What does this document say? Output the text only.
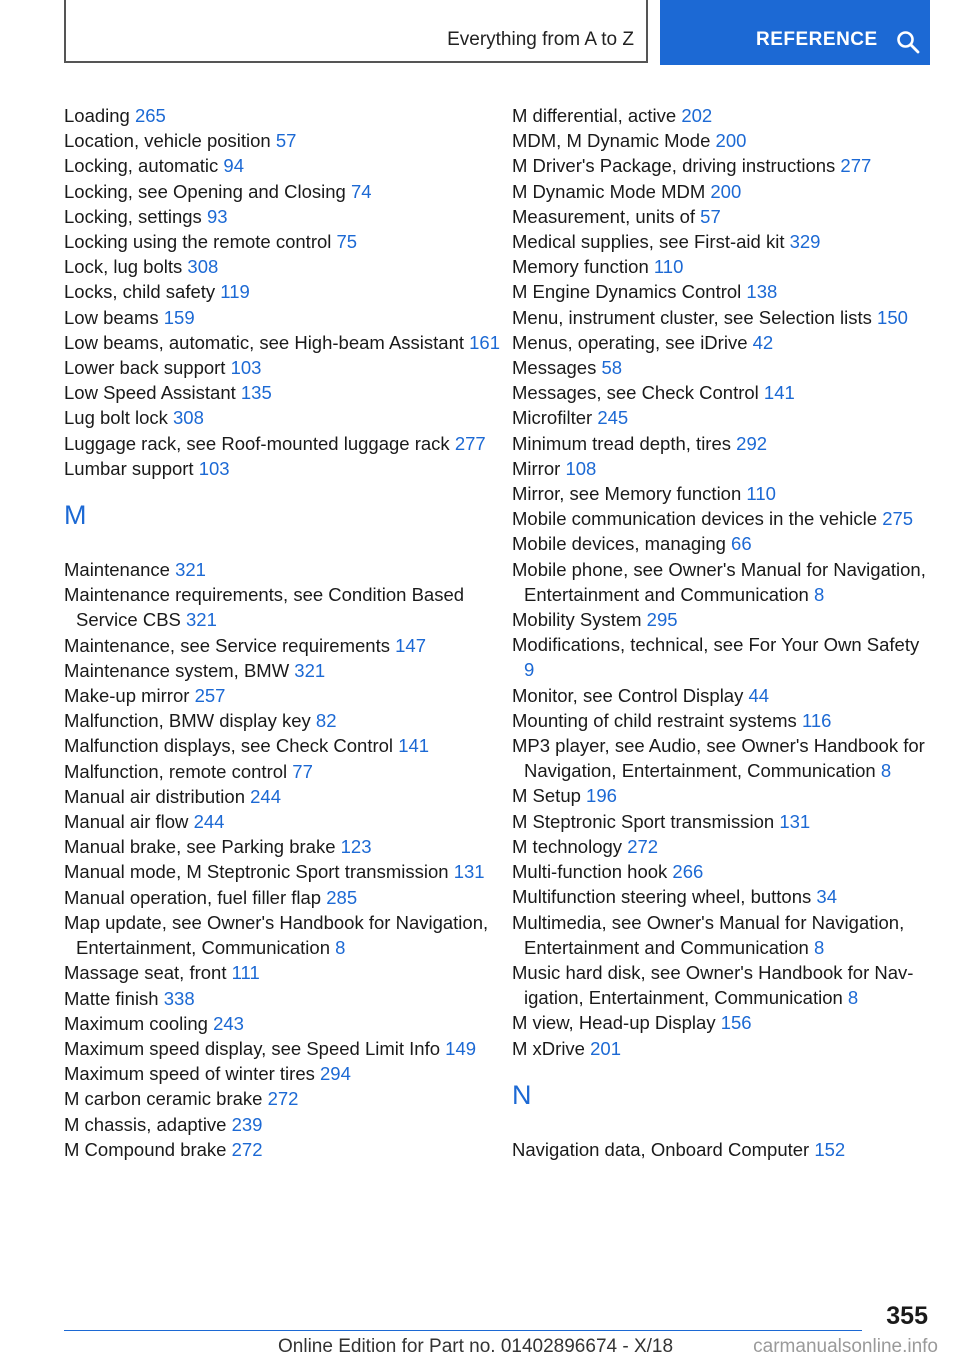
Everything from A to Z	REFERENCE
Loading 265
Location, vehicle position 57
Locking, automatic 94
Locking, see Opening and Closing 74
Locking, settings 93
Locking using the remote control 75
Lock, lug bolts 308
Locks, child safety 119
Low beams 159
Low beams, automatic, see High-beam Assistant 161
Lower back support 103
Low Speed Assistant 135
Lug bolt lock 308
Luggage rack, see Roof-mounted luggage rack 277
Lumbar support 103
M
Maintenance 321
Maintenance requirements, see Condition Based Service CBS 321
Maintenance, see Service requirements 147
Maintenance system, BMW 321
Make-up mirror 257
Malfunction, BMW display key 82
Malfunction displays, see Check Control 141
Malfunction, remote control 77
Manual air distribution 244
Manual air flow 244
Manual brake, see Parking brake 123
Manual mode, M Steptronic Sport transmission 131
Manual operation, fuel filler flap 285
Map update, see Owner's Handbook for Navigation, Entertainment, Communication 8
Massage seat, front 111
Matte finish 338
Maximum cooling 243
Maximum speed display, see Speed Limit Info 149
Maximum speed of winter tires 294
M carbon ceramic brake 272
M chassis, adaptive 239
M Compound brake 272
M differential, active 202
MDM, M Dynamic Mode 200
M Driver's Package, driving instructions 277
M Dynamic Mode MDM 200
Measurement, units of 57
Medical supplies, see First-aid kit 329
Memory function 110
M Engine Dynamics Control 138
Menu, instrument cluster, see Selection lists 150
Menus, operating, see iDrive 42
Messages 58
Messages, see Check Control 141
Microfilter 245
Minimum tread depth, tires 292
Mirror 108
Mirror, see Memory function 110
Mobile communication devices in the vehicle 275
Mobile devices, managing 66
Mobile phone, see Owner's Manual for Navigation, Entertainment and Communication 8
Mobility System 295
Modifications, technical, see For Your Own Safety 9
Monitor, see Control Display 44
Mounting of child restraint systems 116
MP3 player, see Audio, see Owner's Handbook for Navigation, Entertainment, Communication 8
M Setup 196
M Steptronic Sport transmission 131
M technology 272
Multi-function hook 266
Multifunction steering wheel, buttons 34
Multimedia, see Owner's Manual for Navigation, Entertainment and Communication 8
Music hard disk, see Owner's Handbook for Navigation, Entertainment, Communication 8
M view, Head-up Display 156
M xDrive 201
N
Navigation data, Onboard Computer 152
355
Online Edition for Part no. 01402896674 - X/18	carmanualsonline.info
